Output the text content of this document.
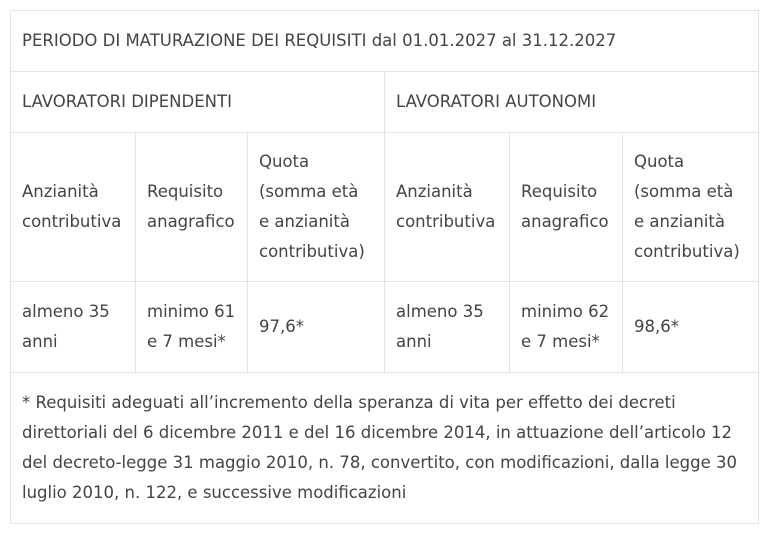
PERIODO DI MATURAZIONE DEI REQUISITI dal 01.01.2027 al 31.12.2027					
LAVORATORI DIPENDENTI			LAVORATORI AUTONOMI		
Anzianità contributiva	Requisito anagrafico	Quota (somma età e anzianità contributiva)	Anzianità contributiva	Requisito anagrafico	Quota (somma età e anzianità contributiva)
almeno 35 anni	minimo 61 e 7 mesi*	97,6*	almeno 35 anni	minimo 62 e 7 mesi*	98,6*
* Requisiti adeguati all’incremento della speranza di vita per effetto dei decreti direttoriali del 6 dicembre 2011 e del 16 dicembre 2014, in attuazione dell’articolo 12 del decreto-legge 31 maggio 2010, n. 78, convertito, con modificazioni, dalla legge 30 luglio 2010, n. 122, e successive modificazioni					
